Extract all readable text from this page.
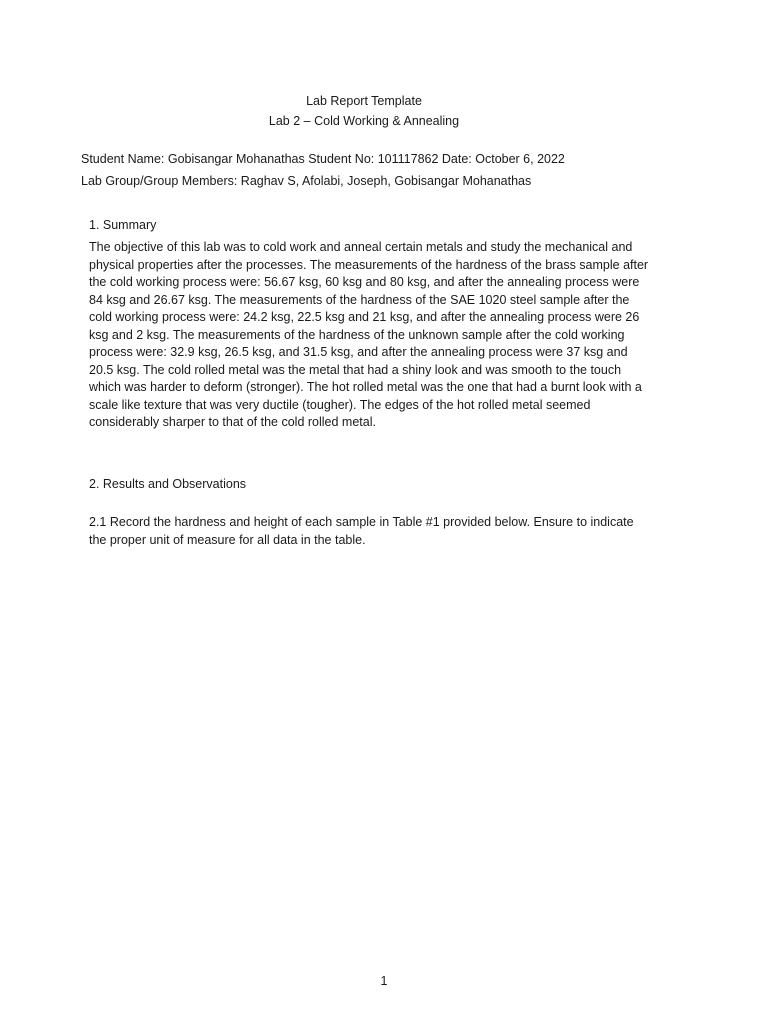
Lab Report Template
Lab 2 – Cold Working & Annealing
Student Name: Gobisangar Mohanathas Student No: 101117862 Date: October 6, 2022
Lab Group/Group Members: Raghav S, Afolabi, Joseph, Gobisangar Mohanathas
1. Summary

The objective of this lab was to cold work and anneal certain metals and study the mechanical and physical properties after the processes. The measurements of the hardness of the brass sample after the cold working process were: 56.67 ksg, 60 ksg and 80 ksg, and after the annealing process were 84 ksg and 26.67 ksg. The measurements of the hardness of the SAE 1020 steel sample after the cold working process were: 24.2 ksg, 22.5 ksg and 21 ksg, and after the annealing process were 26 ksg and 2 ksg. The measurements of the hardness of the unknown sample after the cold working process were: 32.9 ksg, 26.5 ksg, and 31.5 ksg, and after the annealing process were 37 ksg and 20.5 ksg. The cold rolled metal was the metal that had a shiny look and was smooth to the touch which was harder to deform (stronger). The hot rolled metal was the one that had a burnt look with a scale like texture that was very ductile (tougher). The edges of the hot rolled metal seemed considerably sharper to that of the cold rolled metal.

2. Results and Observations

2.1 Record the hardness and height of each sample in Table #1 provided below. Ensure to indicate the proper unit of measure for all data in the table.

1
